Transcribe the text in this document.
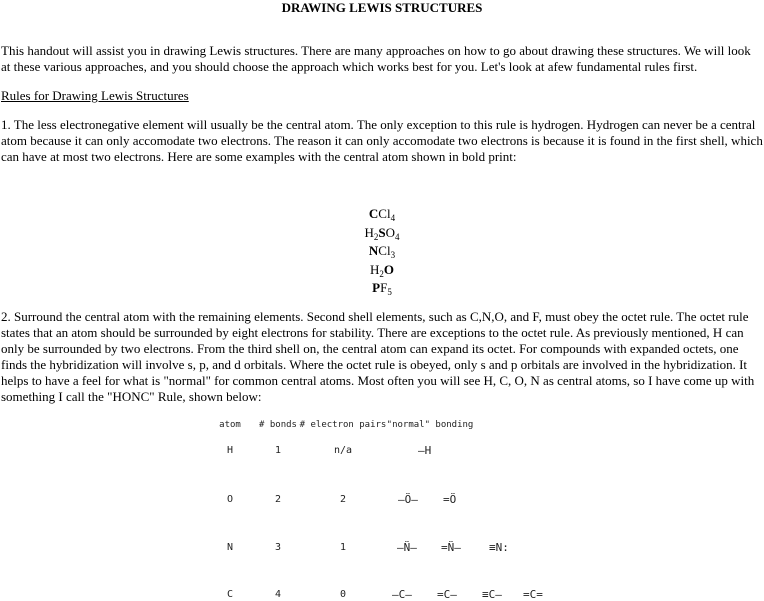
DRAWING LEWIS STRUCTURES

This handout will assist you in drawing Lewis structures. There are many approaches on how to go about drawing these structures. We will look at these various approaches, and you should choose the approach which works best for you. Let's look at afew fundamental rules first.

Rules for Drawing Lewis Structures

1. The less electronegative element will usually be the central atom. The only exception to this rule is hydrogen. Hydrogen can never be a central atom because it can only accomodate two electrons. The reason it can only accomodate two electrons is because it is found in the first shell, which can have at most two electrons. Here are some examples with the central atom shown in bold print:

CCl$_4$
$H_2SO_4$
NCl$_3$
$H_2O$
$PF_5$

2. Surround the central atom with the remaining elements. Second shell elements, such as C,N,O, and F, must obey the octet rule. The octet rule states that an atom should be surrounded by eight electrons for stability. There are exceptions to the octet rule. As previously mentioned, H can only be surrounded by two electrons. From the third shell on, the central atom can expand its octet. For compounds with expanded octets, one finds the hybridization will involve s, p, and d orbitals. Where the octet rule is obeyed, only s and p orbitals are involved in the hybridization. It helps to have a feel for what is "normal" for common central atoms. Most often you will see H, C, O, N as central atoms, so I have come up with something I call the "HONC" Rule, shown below:

atom # bonds # electron pairs "normal" bonding
H	1	n/a	—H
O	2	2	—Ö— =Ö
N	3	1	—N̈— =N̈—	≡N:
C	4	0	—C— =C— ≡C— =C=
